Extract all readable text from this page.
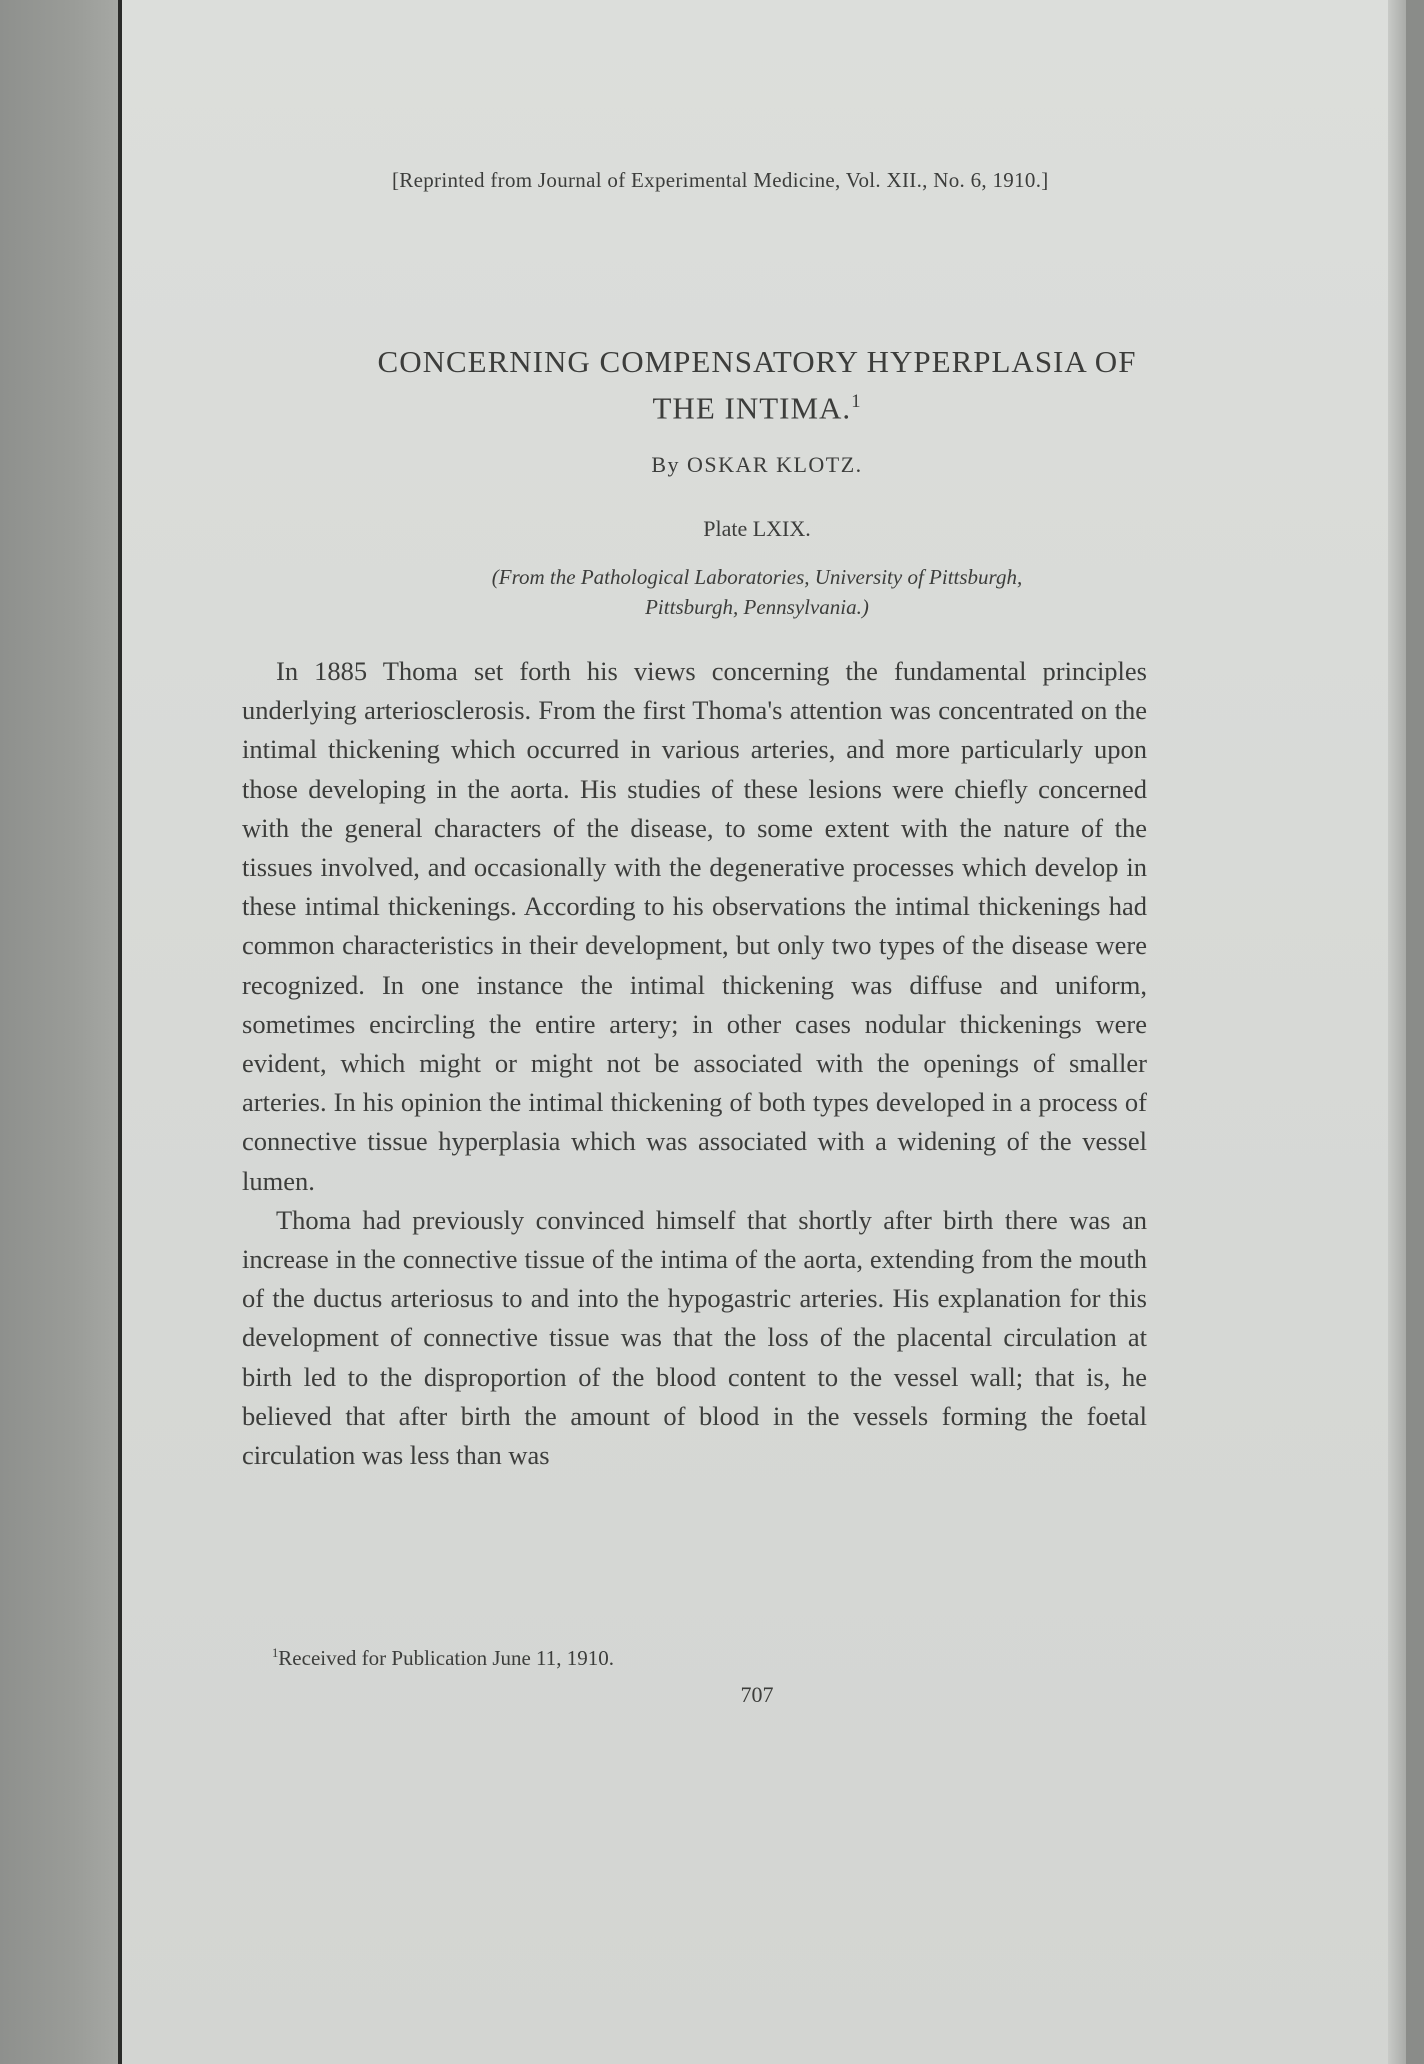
[Reprinted from Journal of Experimental Medicine, Vol. XII., No. 6, 1910.]
CONCERNING COMPENSATORY HYPERPLASIA OF
THE INTIMA.$^1$
By OSKAR KLOTZ.
Plate LXIX.
(From the Pathological Laboratories, University of Pittsburgh,
Pittsburgh, Pennsylvania.)

In 1885 Thoma set forth his views concerning the fundamental principles underlying arteriosclerosis. From the first Thoma's attention was concentrated on the intimal thickening which occurred in various arteries, and more particularly upon those developing in the aorta. His studies of these lesions were chiefly concerned with the general characters of the disease, to some extent with the nature of the tissues involved, and occasionally with the degenerative processes which develop in these intimal thickenings. According to his observations the intimal thickenings had common characteristics in their development, but only two types of the disease were recognized. In one instance the intimal thickening was diffuse and uniform, sometimes encircling the entire artery; in other cases nodular thickenings were evident, which might or might not be associated with the openings of smaller arteries. In his opinion the intimal thickening of both types developed in a process of connective tissue hyperplasia which was associated with a widening of the vessel lumen.

Thoma had previously convinced himself that shortly after birth there was an increase in the connective tissue of the intima of the aorta, extending from the mouth of the ductus arteriosus to and into the hypogastric arteries. His explanation for this development of connective tissue was that the loss of the placental circulation at birth led to the disproportion of the blood content to the vessel wall; that is, he believed that after birth the amount of blood in the vessels forming the foetal circulation was less than was

$^1$Received for Publication June 11, 1910.
707
